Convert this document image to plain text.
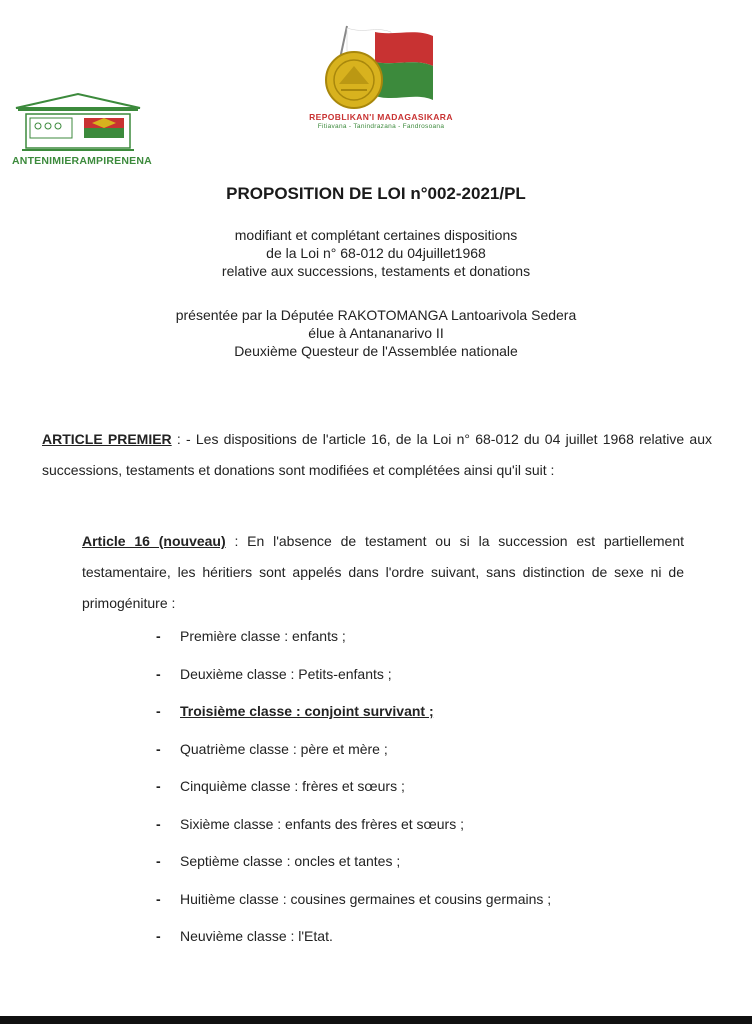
ANTENIMIERAMPIRENENA
REPOBLIKAN'I MADAGASIKARA
Fitiavana - Tanindrazana - Fandrosoana
PROPOSITION DE LOI n°002-2021/PL
modifiant et complétant certaines dispositions
de la Loi n° 68-012 du 04juillet1968
relative aux successions, testaments et donations
présentée par la Députée RAKOTOMANGA Lantoarivola Sedera
élue à Antananarivo II
Deuxième Questeur de l'Assemblée nationale
ARTICLE PREMIER : - Les dispositions de l'article 16, de la Loi n° 68-012 du 04 juillet 1968 relative aux successions, testaments et donations sont modifiées et complétées ainsi qu'il suit :
Article 16 (nouveau) : En l'absence de testament ou si la succession est partiellement testamentaire, les héritiers sont appelés dans l'ordre suivant, sans distinction de sexe ni de primogéniture :
- Première classe : enfants ;
- Deuxième classe : Petits-enfants ;
- Troisième classe : conjoint survivant ;
- Quatrième classe : père et mère ;
- Cinquième classe : frères et sœurs ;
- Sixième classe : enfants des frères et sœurs ;
- Septième classe : oncles et tantes ;
- Huitième classe : cousines germaines et cousins germains ;
- Neuvième classe : l'Etat.
